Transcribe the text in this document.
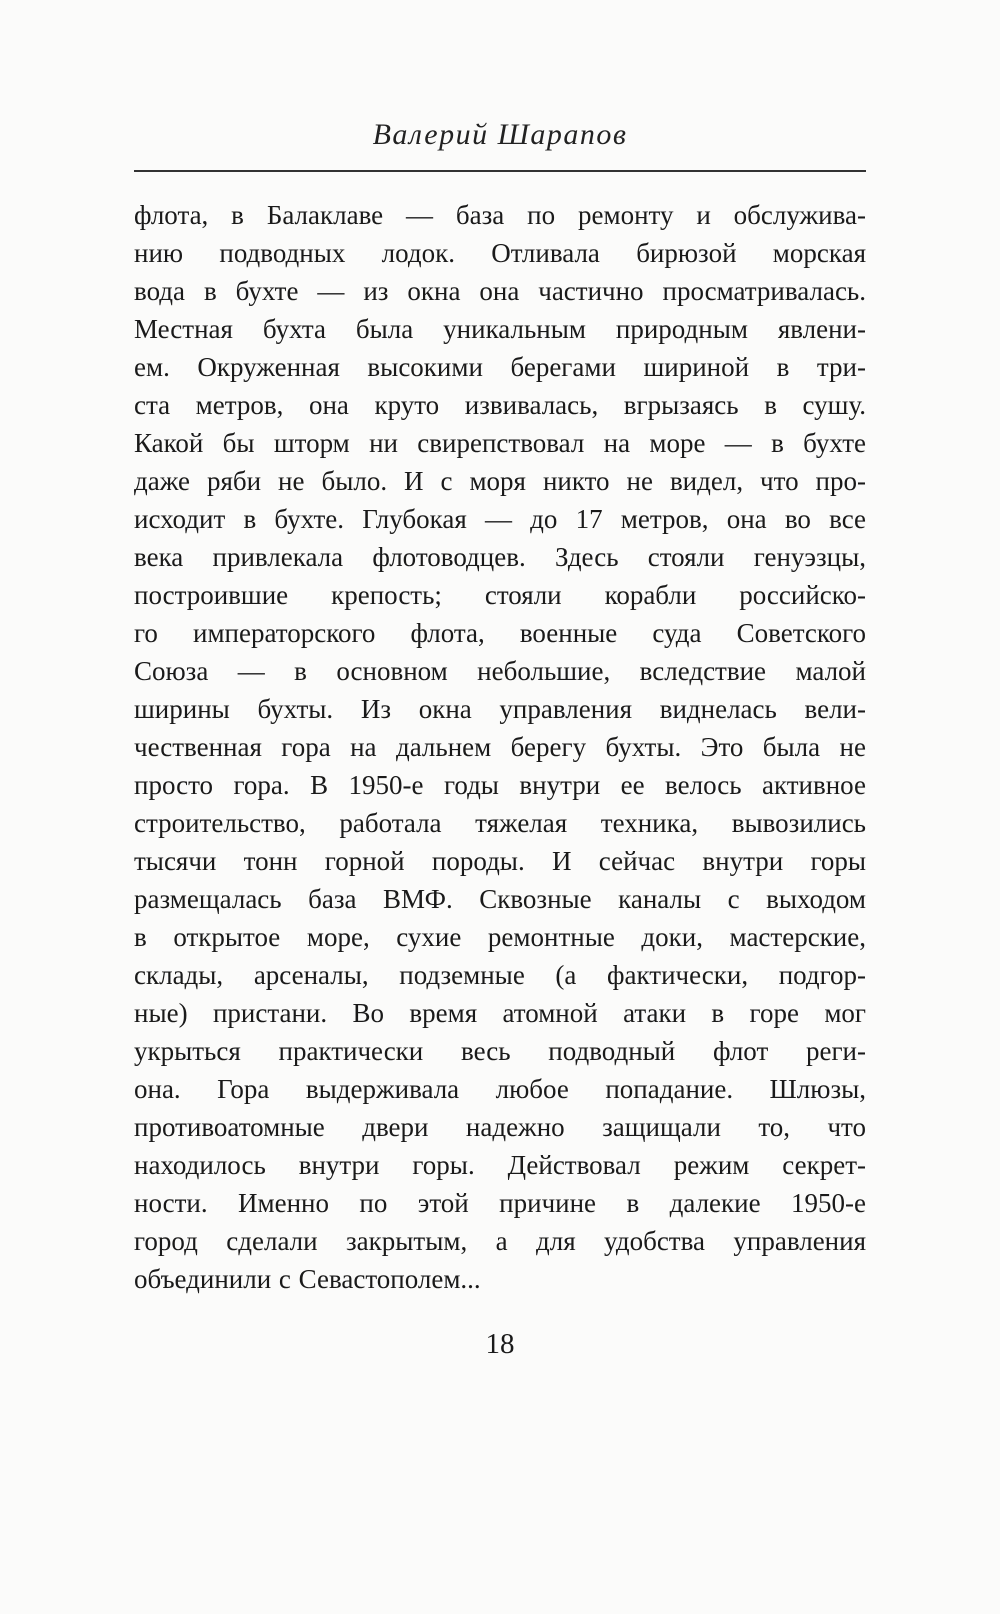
Валерий Шарапов
флота, в Балаклаве — база по ремонту и обслужива-
нию подводных лодок. Отливала бирюзой морская
вода в бухте — из окна она частично просматривалась.
Местная бухта была уникальным природным явлени-
ем. Окруженная высокими берегами шириной в три-
ста метров, она круто извивалась, вгрызаясь в сушу.
Какой бы шторм ни свирепствовал на море — в бухте
даже ряби не было. И с моря никто не видел, что про-
исходит в бухте. Глубокая — до 17 метров, она во все
века привлекала флотоводцев. Здесь стояли генуэзцы,
построившие крепость; стояли корабли российско-
го императорского флота, военные суда Советского
Союза — в основном небольшие, вследствие малой
ширины бухты. Из окна управления виднелась вели-
чественная гора на дальнем берегу бухты. Это была не
просто гора. В 1950-е годы внутри ее велось активное
строительство, работала тяжелая техника, вывозились
тысячи тонн горной породы. И сейчас внутри горы
размещалась база ВМФ. Сквозные каналы с выходом
в открытое море, сухие ремонтные доки, мастерские,
склады, арсеналы, подземные (а фактически, подгор-
ные) пристани. Во время атомной атаки в горе мог
укрыться практически весь подводный флот реги-
она. Гора выдерживала любое попадание. Шлюзы,
противоатомные двери надежно защищали то, что
находилось внутри горы. Действовал режим секрет-
ности. Именно по этой причине в далекие 1950-е
город сделали закрытым, а для удобства управления
объединили с Севастополем...
18
